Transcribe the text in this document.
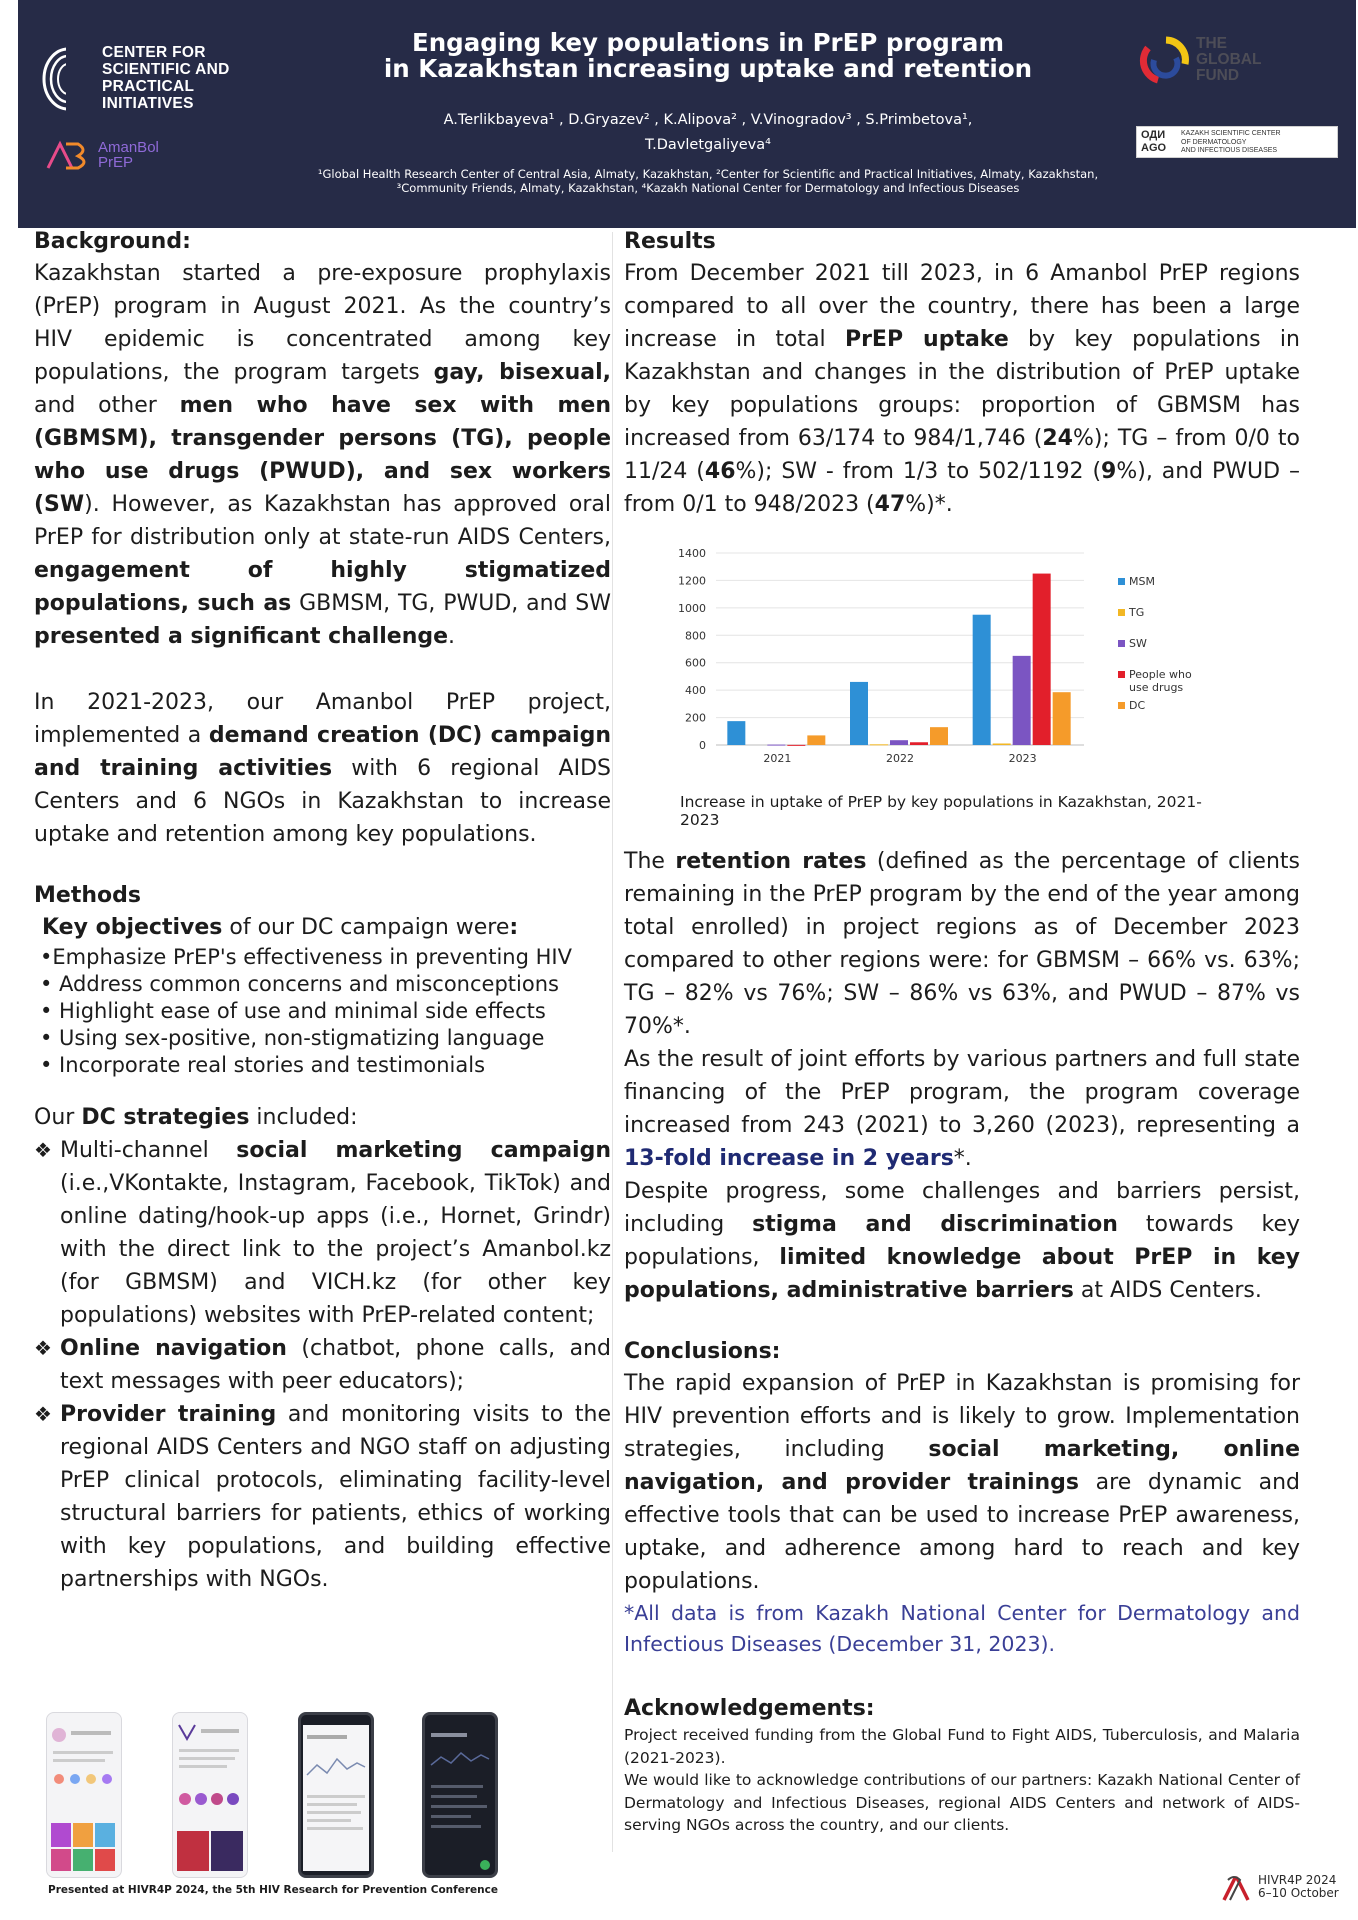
CENTER FOR
SCIENTIFIC AND
PRACTICAL
INITIATIVES
AmanBol
PrEP
Engaging key populations in PrEP program
in Kazakhstan increasing uptake and retention
A.Terlikbayeva¹ , D.Gryazev² , K.Alipova² , V.Vinogradov³ , S.Primbetova¹,
T.Davletgaliyeva⁴
¹Global Health Research Center of Central Asia, Almaty, Kazakhstan, ²Center for Scientific and Practical Initiatives, Almaty, Kazakhstan,
³Community Friends, Almaty, Kazakhstan, ⁴Kazakh National Center for Dermatology and Infectious Diseases
THE
GLOBAL
FUND
ОДИ
АGO
KAZAKH SCIENTIFIC CENTER
OF DERMATOLOGY
AND INFECTIOUS DISEASES
Background:

Kazakhstan started a pre-exposure prophylaxis (PrEP) program in August 2021. As the country’s HIV epidemic is concentrated among key populations, the program targets gay, bisexual, and other men who have sex with men (GBMSM), transgender persons (TG), people who use drugs (PWUD), and sex workers (SW). However, as Kazakhstan has approved oral PrEP for distribution only at state-run AIDS Centers, engagement of highly stigmatized populations, such as GBMSM, TG, PWUD, and SW presented a significant challenge.

In 2021-2023, our Amanbol PrEP project, implemented a demand creation (DC) campaign and training activities with 6 regional AIDS Centers and 6 NGOs in Kazakhstan to increase uptake and retention among key populations.

Methods

Key objectives of our DC campaign were:

•Emphasize PrEP's effectiveness in preventing HIV
• Address common concerns and misconceptions
• Highlight ease of use and minimal side effects
• Using sex-positive, non-stigmatizing language
• Incorporate real stories and testimonials

Our DC strategies included:

❖ Multi-channel social marketing campaign (i.e.,VKontakte, Instagram, Facebook, TikTok) and online dating/hook-up apps (i.e., Hornet, Grindr) with the direct link to the project’s Amanbol.kz (for GBMSM) and VICH.kz (for other key populations) websites with PrEP-related content;
❖ Online navigation (chatbot, phone calls, and text messages with peer educators);
❖ Provider training and monitoring visits to the regional AIDS Centers and NGO staff on adjusting PrEP clinical protocols, eliminating facility-level structural barriers for patients, ethics of working with key populations, and building effective partnerships with NGOs.
Presented at HIVR4P 2024, the 5th HIV Research for Prevention Conference
Results

From December 2021 till 2023, in 6 Amanbol PrEP regions compared to all over the country, there has been a large increase in total PrEP uptake by key populations in Kazakhstan and changes in the distribution of PrEP uptake by key populations groups: proportion of GBMSM has increased from 63/174 to 984/1,746 (24%); TG – from 0/0 to 11/24 (46%); SW - from 1/3 to 502/1192 (9%), and PWUD – from 0/1 to 948/2023 (47%)*.

0
200
400
600
800
1000
1200
1400
2021	2022	2023
MSM
TG
SW
People who
use drugs
DC
Increase in uptake of PrEP by key populations in Kazakhstan, 2021-2023

The retention rates (defined as the percentage of clients remaining in the PrEP program by the end of the year among total enrolled) in project regions as of December 2023 compared to other regions were: for GBMSM – 66% vs. 63%; TG – 82% vs 76%; SW – 86% vs 63%, and PWUD – 87% vs 70%*.

As the result of joint efforts by various partners and full state financing of the PrEP program, the program coverage increased from 243 (2021) to 3,260 (2023), representing a 13-fold increase in 2 years*.

Despite progress, some challenges and barriers persist, including stigma and discrimination towards key populations, limited knowledge about PrEP in key populations, administrative barriers at AIDS Centers.

Conclusions:

The rapid expansion of PrEP in Kazakhstan is promising for HIV prevention efforts and is likely to grow. Implementation strategies, including social marketing, online navigation, and provider trainings are dynamic and effective tools that can be used to increase PrEP awareness, uptake, and adherence among hard to reach and key populations.

*All data is from Kazakh National Center for Dermatology and Infectious Diseases (December 31, 2023).

Acknowledgements:

Project received funding from the Global Fund to Fight AIDS, Tuberculosis, and Malaria (2021-2023).

We would like to acknowledge contributions of our partners: Kazakh National Center of Dermatology and Infectious Diseases, regional AIDS Centers and network of AIDS-serving NGOs across the country, and our clients.

HIVR4P 2024
6–10 October
